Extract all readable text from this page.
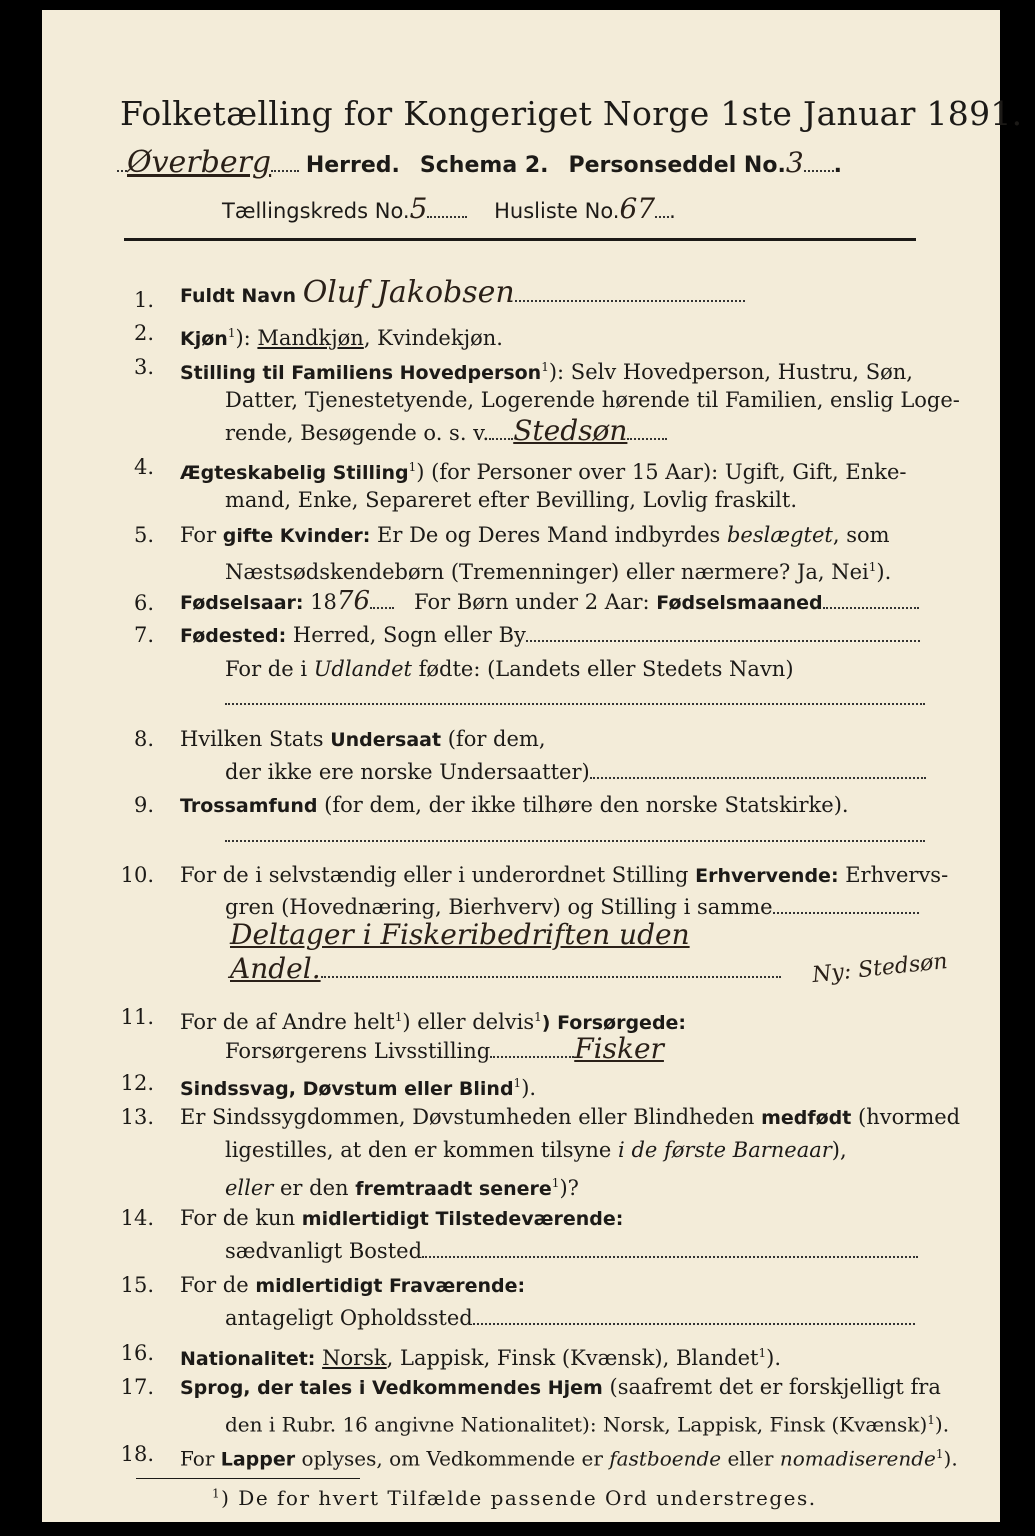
Folketælling for Kongeriget Norge 1ste Januar 1891.
Øverberg Herred. Schema 2. Personseddel No.3 .
Tællingskreds No.5	Husliste No.67 .
1. Fuldt Navn Oluf Jakobsen
2. Kjøn$^1$): Mandkjøn, Kvindekjøn.
3. Stilling til Familiens Hovedperson$^1$): Selv Hovedperson, Hustru, Søn,
Datter, Tjenestetyende, Logerende hørende til Familien, enslig Loge-
rende, Besøgende o. s. v. Stedsøn
4. Ægteskabelig Stilling$^1$) (for Personer over 15 Aar): Ugift, Gift, Enke-
mand, Enke, Separeret efter Bevilling, Lovlig fraskilt.
5. For gifte Kvinder: Er De og Deres Mand indbyrdes beslægtet, som
Næstsødskendebørn (Tremenninger) eller nærmere? Ja, Nei$^1$).
6. Fødselsaar: 1876 For Børn under 2 Aar: Fødselsmaaned
7. Fødested: Herred, Sogn eller By
For de i Udlandet fødte: (Landets eller Stedets Navn)
8. Hvilken Stats Undersaat (for dem,
der ikke ere norske Undersaatter)
9. Trossamfund (for dem, der ikke tilhøre den norske Statskirke).
10. For de i selvstændig eller i underordnet Stilling Erhvervende: Erhvervs-
gren (Hovednæring, Bierhverv) og Stilling i samme
Deltager i Fiskeribedriften uden
Andel.	Ny: Stedsøn
11. For de af Andre helt$^1$) eller delvis$^1$) Forsørgede:
Forsørgerens Livsstilling	Fisker
12. Sindssvag, Døvstum eller Blind$^1$).
13. Er Sindssygdommen, Døvstumheden eller Blindheden medfødt (hvormed
ligestilles, at den er kommen tilsyne i de første Barneaar),
eller er den fremtraadt senere$^1$)?
14. For de kun midlertidigt Tilstedeværende:
sædvanligt Bosted
15. For de midlertidigt Fraværende:
antageligt Opholdssted
16. Nationalitet: Norsk, Lappisk, Finsk (Kvænsk), Blandet$^1$).
17. Sprog, der tales i Vedkommendes Hjem (saafremt det er forskjelligt fra
den i Rubr. 16 angivne Nationalitet): Norsk, Lappisk, Finsk (Kvænsk)$^1$).
18. For Lapper oplyses, om Vedkommende er fastboende eller nomadiserende$^1$).
$^1$) De for hvert Tilfælde passende Ord understreges.
